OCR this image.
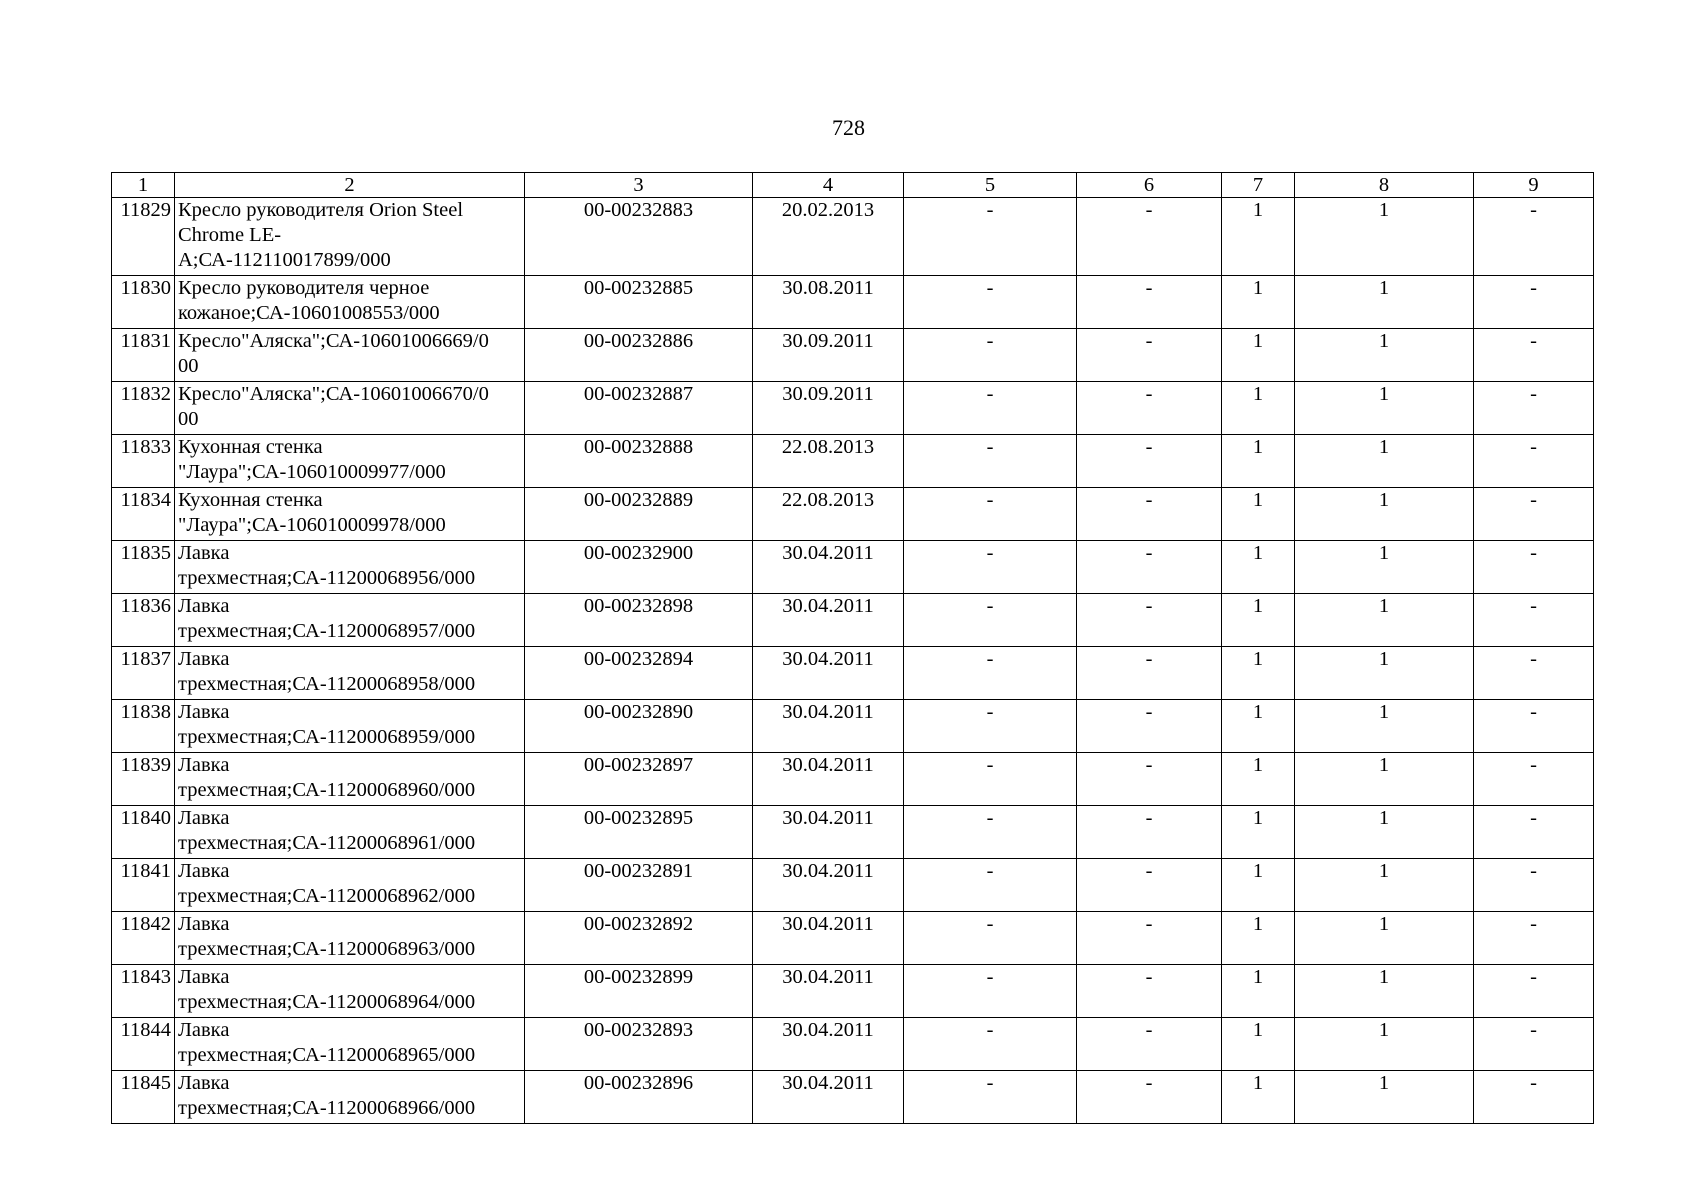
728
1	2	3	4	5	6	7	8	9
11829	Кресло руководителя Orion Steel
Chrome LE-
A;СА-112110017899/000	00-00232883	20.02.2013	-	-	1	1	-
11830	Кресло руководителя черное
кожаное;СА-10601008553/000	00-00232885	30.08.2011	-	-	1	1	-
11831	Кресло"Аляска";СА-10601006669/0
00	00-00232886	30.09.2011	-	-	1	1	-
11832	Кресло"Аляска";СА-10601006670/0
00	00-00232887	30.09.2011	-	-	1	1	-
11833	Кухонная стенка
"Лаура";СА-106010009977/000	00-00232888	22.08.2013	-	-	1	1	-
11834	Кухонная стенка
"Лаура";СА-106010009978/000	00-00232889	22.08.2013	-	-	1	1	-
11835	Лавка
трехместная;СА-11200068956/000	00-00232900	30.04.2011	-	-	1	1	-
11836	Лавка
трехместная;СА-11200068957/000	00-00232898	30.04.2011	-	-	1	1	-
11837	Лавка
трехместная;СА-11200068958/000	00-00232894	30.04.2011	-	-	1	1	-
11838	Лавка
трехместная;СА-11200068959/000	00-00232890	30.04.2011	-	-	1	1	-
11839	Лавка
трехместная;СА-11200068960/000	00-00232897	30.04.2011	-	-	1	1	-
11840	Лавка
трехместная;СА-11200068961/000	00-00232895	30.04.2011	-	-	1	1	-
11841	Лавка
трехместная;СА-11200068962/000	00-00232891	30.04.2011	-	-	1	1	-
11842	Лавка
трехместная;СА-11200068963/000	00-00232892	30.04.2011	-	-	1	1	-
11843	Лавка
трехместная;СА-11200068964/000	00-00232899	30.04.2011	-	-	1	1	-
11844	Лавка
трехместная;СА-11200068965/000	00-00232893	30.04.2011	-	-	1	1	-
11845	Лавка
трехместная;СА-11200068966/000	00-00232896	30.04.2011	-	-	1	1	-
